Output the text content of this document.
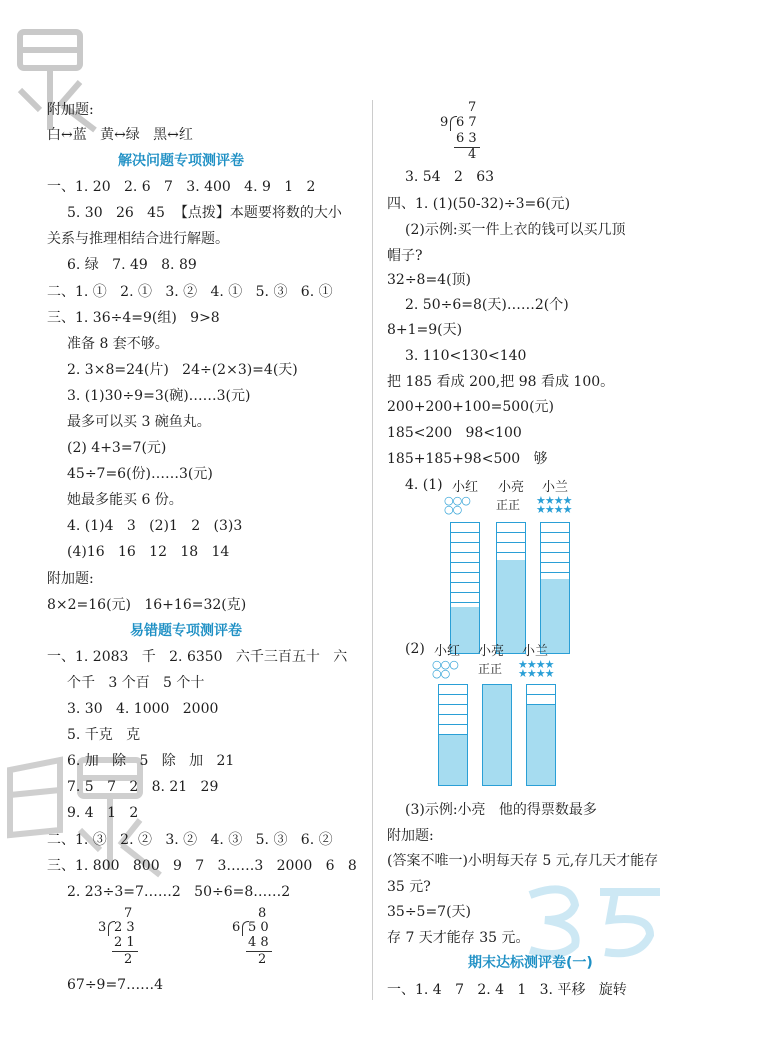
附加题:
白↔蓝   黄↔绿   黑↔红
解决问题专项测评卷
一、1. 20   2. 6   7   3. 400   4. 9   1   2
5. 30   26   45  【点拨】本题要将数的大小
关系与推理相结合进行解题。
6. 绿   7. 49   8. 89
二、1. ①   2. ①   3. ②   4. ①   5. ③   6. ①
三、1. 36÷4=9(组)   9>8
准备 8 套不够。
2. 3×8=24(片)   24÷(2×3)=4(天)
3. (1)30÷9=3(碗)……3(元)
最多可以买 3 碗鱼丸。
(2) 4+3=7(元)
45÷7=6(份)……3(元)
她最多能买 6 份。
4. (1)4   3   (2)1   2   (3)3
(4)16   16   12   18   14
附加题:
8×2=16(元)   16+16=32(克)
易错题专项测评卷
一、1. 2083   千   2. 6350   六千三百五十   六
个千   3 个百   5 个十
3. 30   4. 1000   2000
5. 千克   克
6. 加   除   5   除   加   21
7. 5   7   2   8. 21   29
9. 4   1   2
二、1. ③   2. ②   3. ②   4. ③   5. ③   6. ②
三、1. 800   800   9   7   3……3   2000   6   8
2. 23÷3=7……2   50÷6=8……2
7
3 2 3
2 1
2
8
6 5 0
4 8
2
67÷9=7……4
7
9 6 7
6 3
4
3. 54   2   63
四、1. (1)(50-32)÷3=6(元)
(2)示例:买一件上衣的钱可以买几顶
帽子?
32÷8=4(顶)
2. 50÷6=8(天)……2(个)
8+1=9(天)
3. 110<130<140
把 185 看成 200,把 98 看成 100。
200+200+100=500(元)
185<200   98<100
185+185+98<500   够
4. (1) 小红
○○○
○○
小亮
正正
小兰
★★★★
★★★★
(2) 小红
○○○
○○
小亮
正正
小兰
★★★★
★★★★
(3)示例:小亮   他的得票数最多
附加题:
(答案不唯一)小明每天存 5 元,存几天才能存
35 元?
35÷5=7(天)
存 7 天才能存 35 元。
期末达标测评卷(一)
一、1. 4   7   2. 4   1   3. 平移   旋转
